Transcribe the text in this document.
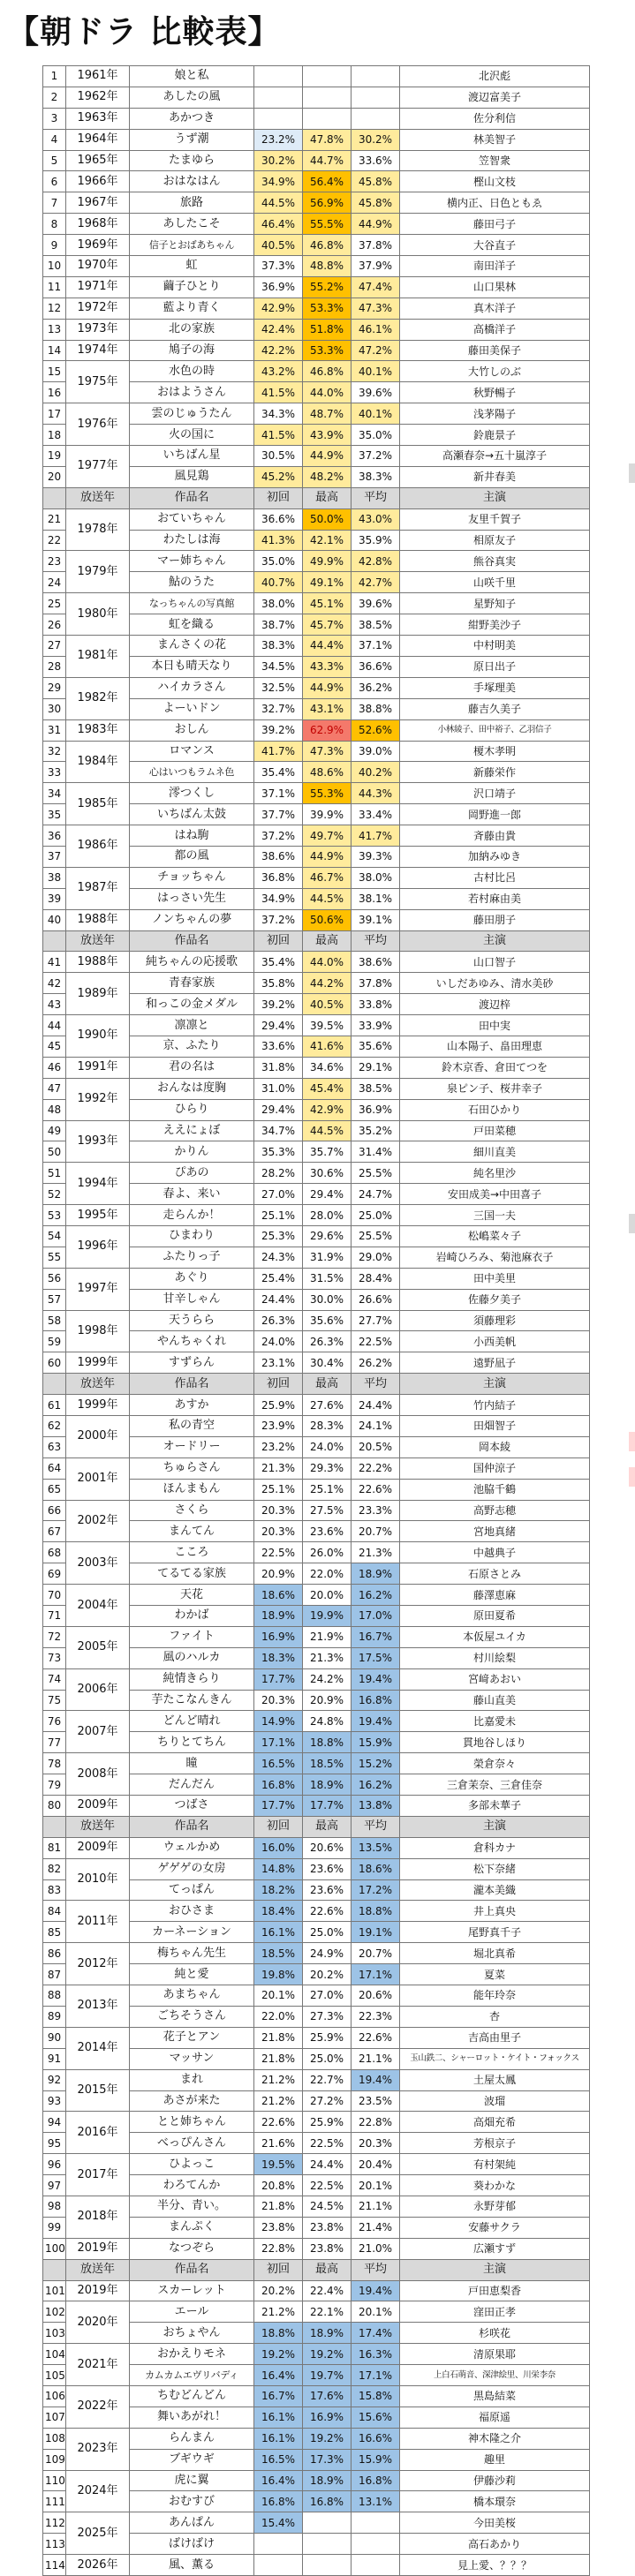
【朝ドラ 比較表】
1	1961年	娘と私				北沢彪
2	1962年	あしたの風				渡辺富美子
3	1963年	あかつき				佐分利信
4	1964年	うず潮	23.2%	47.8%	30.2%	林美智子
5	1965年	たまゆら	30.2%	44.7%	33.6%	笠智衆
6	1966年	おはなはん	34.9%	56.4%	45.8%	樫山文枝
7	1967年	旅路	44.5%	56.9%	45.8%	横内正、日色ともゑ
8	1968年	あしたこそ	46.4%	55.5%	44.9%	藤田弓子
9	1969年	信子とおばあちゃん	40.5%	46.8%	37.8%	大谷直子
10	1970年	虹	37.3%	48.8%	37.9%	南田洋子
11	1971年	繭子ひとり	36.9%	55.2%	47.4%	山口果林
12	1972年	藍より青く	42.9%	53.3%	47.3%	真木洋子
13	1973年	北の家族	42.4%	51.8%	46.1%	高橋洋子
14	1974年	鳩子の海	42.2%	53.3%	47.2%	藤田美保子
15	1975年	水色の時	43.2%	46.8%	40.1%	大竹しのぶ
16		おはようさん	41.5%	44.0%	39.6%	秋野暢子
17	1976年	雲のじゅうたん	34.3%	48.7%	40.1%	浅茅陽子
18		火の国に	41.5%	43.9%	35.0%	鈴鹿景子
19	1977年	いちばん星	30.5%	44.9%	37.2%	高瀬春奈→五十嵐淳子
20		風見鶏	45.2%	48.2%	38.3%	新井春美
	放送年	作品名	初回	最高	平均	主演
21	1978年	おていちゃん	36.6%	50.0%	43.0%	友里千賀子
22		わたしは海	41.3%	42.1%	35.9%	相原友子
23	1979年	マー姉ちゃん	35.0%	49.9%	42.8%	熊谷真実
24		鮎のうた	40.7%	49.1%	42.7%	山咲千里
25	1980年	なっちゃんの写真館	38.0%	45.1%	39.6%	星野知子
26		虹を織る	38.7%	45.7%	38.5%	紺野美沙子
27	1981年	まんさくの花	38.3%	44.4%	37.1%	中村明美
28		本日も晴天なり	34.5%	43.3%	36.6%	原日出子
29	1982年	ハイカラさん	32.5%	44.9%	36.2%	手塚理美
30		よーいドン	32.7%	43.1%	38.8%	藤吉久美子
31	1983年	おしん	39.2%	62.9%	52.6%	小林綾子、田中裕子、乙羽信子
32	1984年	ロマンス	41.7%	47.3%	39.0%	榎木孝明
33		心はいつもラムネ色	35.4%	48.6%	40.2%	新藤栄作
34	1985年	澪つくし	37.1%	55.3%	44.3%	沢口靖子
35		いちばん太鼓	37.7%	39.9%	33.4%	岡野進一郎
36	1986年	はね駒	37.2%	49.7%	41.7%	斉藤由貴
37		都の風	38.6%	44.9%	39.3%	加納みゆき
38	1987年	チョッちゃん	36.8%	46.7%	38.0%	古村比呂
39		はっさい先生	34.9%	44.5%	38.1%	若村麻由美
40	1988年	ノンちゃんの夢	37.2%	50.6%	39.1%	藤田朋子
	放送年	作品名	初回	最高	平均	主演
41	1988年	純ちゃんの応援歌	35.4%	44.0%	38.6%	山口智子
42	1989年	青春家族	35.8%	44.2%	37.8%	いしだあゆみ、清水美砂
43		和っこの金メダル	39.2%	40.5%	33.8%	渡辺梓
44	1990年	凛凛と	29.4%	39.5%	33.9%	田中実
45		京、ふたり	33.6%	41.6%	35.6%	山本陽子、畠田理恵
46	1991年	君の名は	31.8%	34.6%	29.1%	鈴木京香、倉田てつを
47	1992年	おんなは度胸	31.0%	45.4%	38.5%	泉ピン子、桜井幸子
48		ひらり	29.4%	42.9%	36.9%	石田ひかり
49	1993年	ええにょぼ	34.7%	44.5%	35.2%	戸田菜穂
50		かりん	35.3%	35.7%	31.4%	細川直美
51	1994年	ぴあの	28.2%	30.6%	25.5%	純名里沙
52		春よ、来い	27.0%	29.4%	24.7%	安田成美→中田喜子
53	1995年	走らんか！	25.1%	28.0%	25.0%	三国一夫
54	1996年	ひまわり	25.3%	29.6%	25.5%	松嶋菜々子
55		ふたりっ子	24.3%	31.9%	29.0%	岩崎ひろみ、菊池麻衣子
56	1997年	あぐり	25.4%	31.5%	28.4%	田中美里
57		甘辛しゃん	24.4%	30.0%	26.6%	佐藤夕美子
58	1998年	天うらら	26.3%	35.6%	27.7%	須藤理彩
59		やんちゃくれ	24.0%	26.3%	22.5%	小西美帆
60	1999年	すずらん	23.1%	30.4%	26.2%	遠野凪子
	放送年	作品名	初回	最高	平均	主演
61	1999年	あすか	25.9%	27.6%	24.4%	竹内結子
62	2000年	私の青空	23.9%	28.3%	24.1%	田畑智子
63		オードリー	23.2%	24.0%	20.5%	岡本綾
64	2001年	ちゅらさん	21.3%	29.3%	22.2%	国仲涼子
65		ほんまもん	25.1%	25.1%	22.6%	池脇千鶴
66	2002年	さくら	20.3%	27.5%	23.3%	高野志穂
67		まんてん	20.3%	23.6%	20.7%	宮地真緒
68	2003年	こころ	22.5%	26.0%	21.3%	中越典子
69		てるてる家族	20.9%	22.0%	18.9%	石原さとみ
70	2004年	天花	18.6%	20.0%	16.2%	藤澤恵麻
71		わかば	18.9%	19.9%	17.0%	原田夏希
72	2005年	ファイト	16.9%	21.9%	16.7%	本仮屋ユイカ
73		風のハルカ	18.3%	21.3%	17.5%	村川絵梨
74	2006年	純情きらり	17.7%	24.2%	19.4%	宮﨑あおい
75		芋たこなんきん	20.3%	20.9%	16.8%	藤山直美
76	2007年	どんど晴れ	14.9%	24.8%	19.4%	比嘉愛未
77		ちりとてちん	17.1%	18.8%	15.9%	貫地谷しほり
78	2008年	瞳	16.5%	18.5%	15.2%	榮倉奈々
79		だんだん	16.8%	18.9%	16.2%	三倉茉奈、三倉佳奈
80	2009年	つばさ	17.7%	17.7%	13.8%	多部未華子
	放送年	作品名	初回	最高	平均	主演
81	2009年	ウェルかめ	16.0%	20.6%	13.5%	倉科カナ
82	2010年	ゲゲゲの女房	14.8%	23.6%	18.6%	松下奈緒
83		てっぱん	18.2%	23.6%	17.2%	瀧本美織
84	2011年	おひさま	18.4%	22.6%	18.8%	井上真央
85		カーネーション	16.1%	25.0%	19.1%	尾野真千子
86	2012年	梅ちゃん先生	18.5%	24.9%	20.7%	堀北真希
87		純と愛	19.8%	20.2%	17.1%	夏菜
88	2013年	あまちゃん	20.1%	27.0%	20.6%	能年玲奈
89		ごちそうさん	22.0%	27.3%	22.3%	杏
90	2014年	花子とアン	21.8%	25.9%	22.6%	吉高由里子
91		マッサン	21.8%	25.0%	21.1%	玉山鉄二、シャーロット・ケイト・フォックス
92	2015年	まれ	21.2%	22.7%	19.4%	土屋太鳳
93		あさが来た	21.2%	27.2%	23.5%	波瑠
94	2016年	とと姉ちゃん	22.6%	25.9%	22.8%	高畑充希
95		べっぴんさん	21.6%	22.5%	20.3%	芳根京子
96	2017年	ひよっこ	19.5%	24.4%	20.4%	有村架純
97		わろてんか	20.8%	22.5%	20.1%	葵わかな
98	2018年	半分、青い。	21.8%	24.5%	21.1%	永野芽郁
99		まんぷく	23.8%	23.8%	21.4%	安藤サクラ
100	2019年	なつぞら	22.8%	23.8%	21.0%	広瀬すず
	放送年	作品名	初回	最高	平均	主演
101	2019年	スカーレット	20.2%	22.4%	19.4%	戸田恵梨香
102	2020年	エール	21.2%	22.1%	20.1%	窪田正孝
103		おちょやん	18.8%	18.9%	17.4%	杉咲花
104	2021年	おかえりモネ	19.2%	19.2%	16.3%	清原果耶
105		カムカムエヴリバディ	16.4%	19.7%	17.1%	上白石萌音、深津絵里、川栄李奈
106	2022年	ちむどんどん	16.7%	17.6%	15.8%	黒島結菜
107		舞いあがれ！	16.1%	16.9%	15.6%	福原遥
108	2023年	らんまん	16.1%	19.2%	16.6%	神木隆之介
109		ブギウギ	16.5%	17.3%	15.9%	趣里
110	2024年	虎に翼	16.4%	18.9%	16.8%	伊藤沙莉
111		おむすび	16.8%	16.8%	13.1%	橋本環奈
112	2025年	あんぱん	15.4%			今田美桜
113		ばけばけ				高石あかり
114	2026年	風、薫る				見上愛、？？？
